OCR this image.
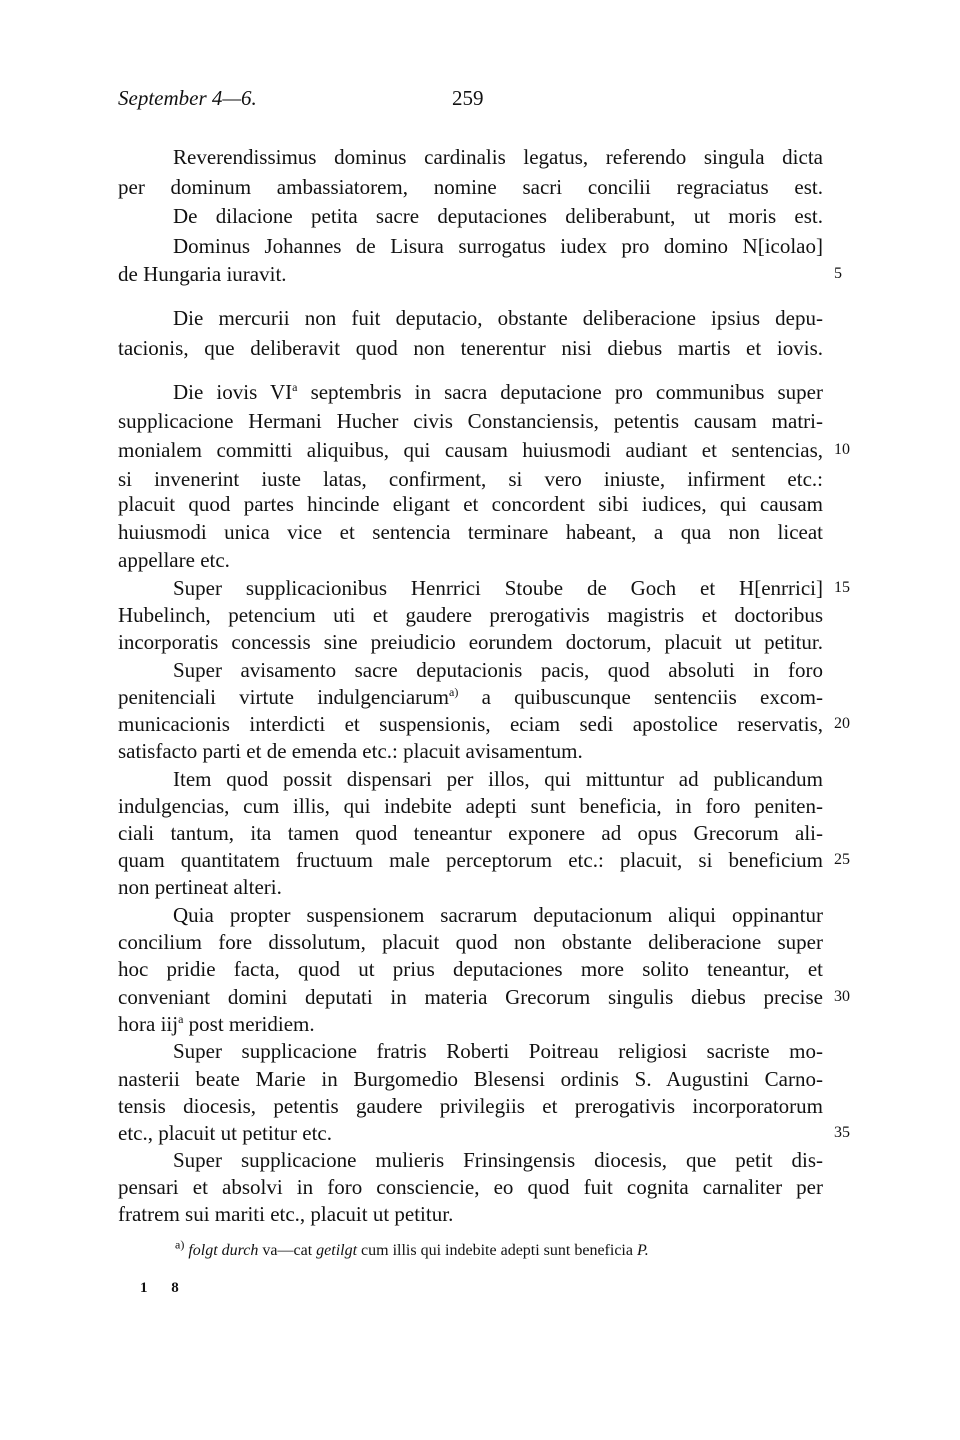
September 4—6.	259
Reverendissimus dominus cardinalis legatus, referendo singula dicta
per dominum ambassiatorem, nomine sacri concilii regraciatus est.
De dilacione petita sacre deputaciones deliberabunt, ut moris est.
Dominus Johannes de Lisura surrogatus iudex pro domino N[icolao]
de Hungaria iuravit.
Die mercurii non fuit deputacio, obstante deliberacione ipsius depu-
tacionis, que deliberavit quod non tenerentur nisi diebus martis et iovis.
Die iovis $VI^a$ septembris in sacra deputacione pro communibus super
supplicacione Hermani Hucher civis Constanciensis, petentis causam matri-
monialem committi aliquibus, qui causam huiusmodi audiant et sentencias,
si invenerint iuste latas, confirment, si vero iniuste, infirment etc.:
placuit quod partes hincinde eligant et concordent sibi iudices, qui causam
huiusmodi unica vice et sentencia terminare habeant, a qua non liceat
appellare etc.
Super supplicacionibus Henrrici Stoube de Goch et H[enrrici]
Hubelinch, petencium uti et gaudere prerogativis magistris et doctoribus
incorporatis concessis sine preiudicio eorundem doctorum, placuit ut petitur.
Super avisamento sacre deputacionis pacis, quod absoluti in foro
penitenciali virtute indulgenciarum$^{a)}$ a quibuscunque sentenciis excom-
municacionis interdicti et suspensionis, eciam sedi apostolice reservatis,
satisfacto parti et de emenda etc.: placuit avisamentum.
Item quod possit dispensari per illos, qui mittuntur ad publicandum
indulgencias, cum illis, qui indebite adepti sunt beneficia, in foro peniten-
ciali tantum, ita tamen quod teneantur exponere ad opus Grecorum ali-
quam quantitatem fructuum male perceptorum etc.: placuit, si beneficium
non pertineat alteri.
Quia propter suspensionem sacrarum deputacionum aliqui oppinantur
concilium fore dissolutum, placuit quod non obstante deliberacione super
hoc pridie facta, quod ut prius deputaciones more solito teneantur, et
conveniant domini deputati in materia Grecorum singulis diebus precise
hora iij$^a$ post meridiem.
Super supplicacione fratris Roberti Poitreau religiosi sacriste mo-
nasterii beate Marie in Burgomedio Blesensi ordinis S. Augustini Carno-
tensis diocesis, petentis gaudere privilegiis et prerogativis incorporatorum
etc., placuit ut petitur etc.
Super supplicacione mulieris Frinsingensis diocesis, que petit dis-
pensari et absolvi in foro consciencie, eo quod fuit cognita carnaliter per
fratrem sui mariti etc., placuit ut petitur.
5
10
15
20
25
30
35
$^{a)}$ folgt durch va—cat getilgt cum illis qui indebite adepti sunt beneficia P.
1 8
